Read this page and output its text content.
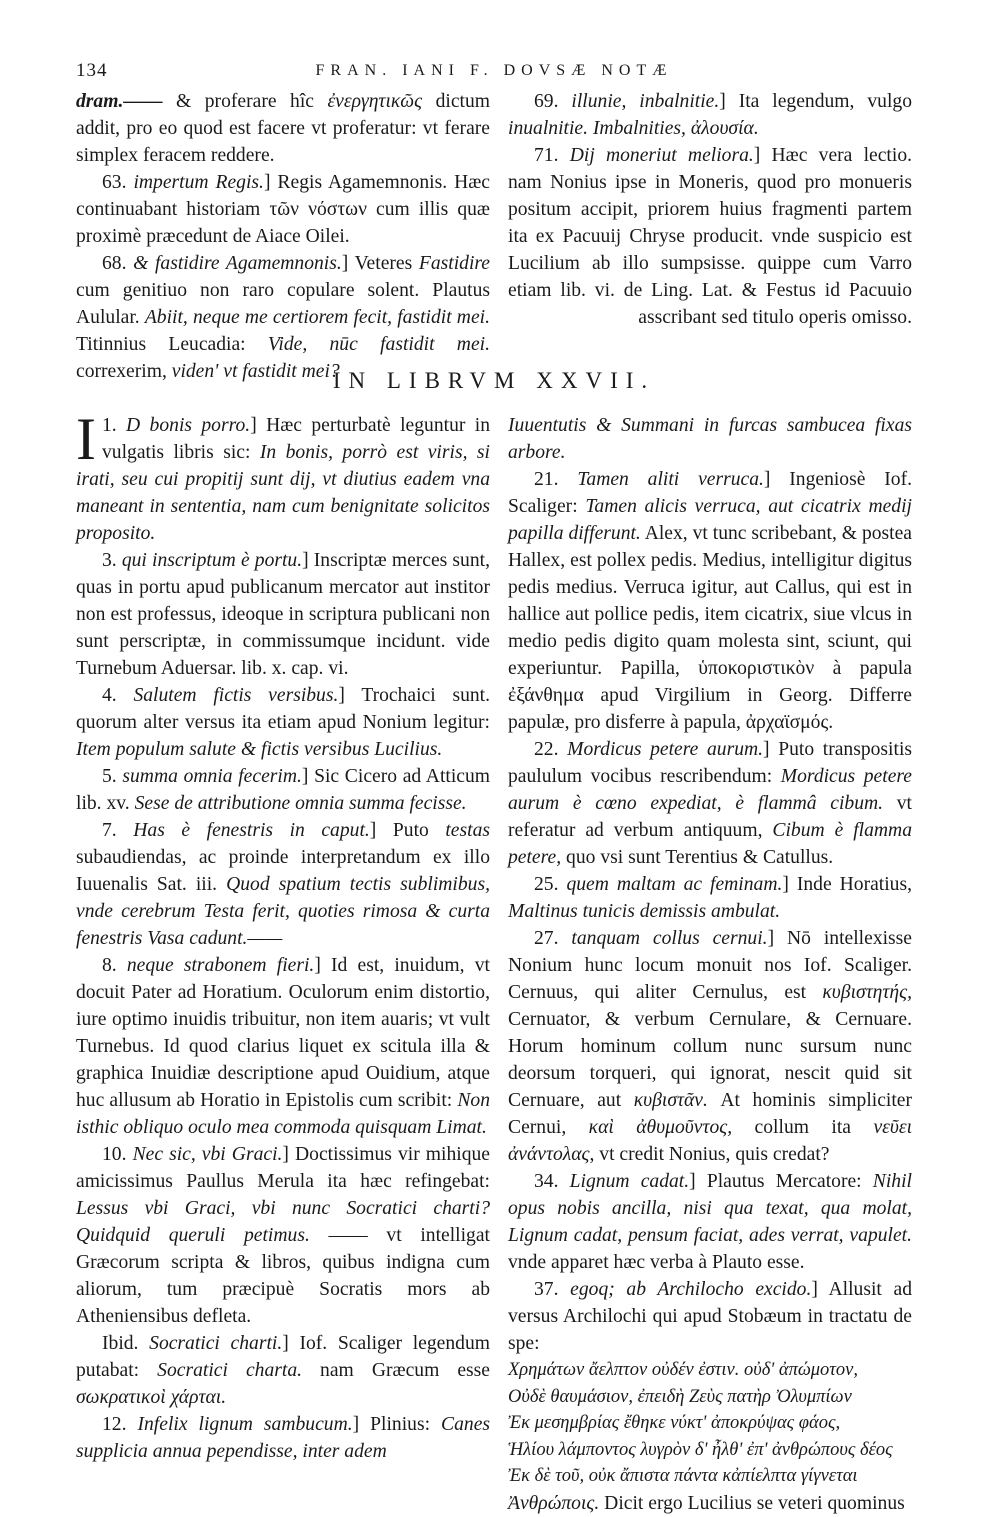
134	FRAN. IANI F. DOVSÆ NOTÆ

dram.—— & proferare hîc ἐνεργητικῶς dictum addit, pro eo quod est facere vt proferatur: vt ferare simplex feracem reddere.

63. impertum Regis.] Regis Agamemnonis. Hæc continuabant historiam τῶν νόστων cum illis quæ proximè præcedunt de Aiace Oilei.

68. & fastidire Agamemnonis.] Veteres Fastidire cum genitiuo non raro copulare solent. Plautus Aulular. Abiit, neque me certiorem fecit, fastidit mei. Titinnius Leucadia: Vide, nūc fastidit mei. correxerim, viden' vt fastidit mei?

69. illunie, inbalnitie.] Ita legendum, vulgo inualnitie. Imbalnities, ἀλουσία.

71. Dij moneriut meliora.] Hæc vera lectio. nam Nonius ipse in Moneris, quod pro monueris positum accipit, priorem huius fragmenti partem ita ex Pacuuij Chryse producit. vnde suspicio est Lucilium ab illo sumpsisse. quippe cum Varro etiam lib. vi. de Ling. Lat. & Festus id Pacuuio asscribant sed titulo operis omisso.

IN LIBRVM XXVII.

I 1. D bonis porro.] Hæc perturbatè leguntur in vulgatis libris sic: In bonis, porrò est viris, si irati, seu cui propitij sunt dij, vt diutius eadem vna maneant in sententia, nam cum benignitate solicitos proposito.

3. qui inscriptum è portu.] Inscriptæ merces sunt, quas in portu apud publicanum mercator aut institor non est professus, ideoque in scriptura publicani non sunt perscriptæ, in commissumque incidunt. vide Turnebum Aduersar. lib. x. cap. vi.

4. Salutem fictis versibus.] Trochaici sunt. quorum alter versus ita etiam apud Nonium legitur: Item populum salute & fictis versibus Lucilius.

5. summa omnia fecerim.] Sic Cicero ad Atticum lib. xv. Sese de attributione omnia summa fecisse.

7. Has è fenestris in caput.] Puto testas subaudiendas, ac proinde interpretandum ex illo Iuuenalis Sat. iii. Quod spatium tectis sublimibus, vnde cerebrum Testa ferit, quoties rimosa & curta fenestris Vasa cadunt.——

8. neque strabonem fieri.] Id est, inuidum, vt docuit Pater ad Horatium. Oculorum enim distortio, iure optimo inuidis tribuitur, non item auaris; vt vult Turnebus. Id quod clarius liquet ex scitula illa & graphica Inuidiæ descriptione apud Ouidium, atque huc allusum ab Horatio in Epistolis cum scribit: Non isthic obliquo oculo mea commoda quisquam Limat.

10. Nec sic, vbi Graci.] Doctissimus vir mihique amicissimus Paullus Merula ita hæc refingebat: Lessus vbi Graci, vbi nunc Socratici charti? Quidquid queruli petimus. —— vt intelligat Græcorum scripta & libros, quibus indigna cum aliorum, tum præcipuè Socratis mors ab Atheniensibus defleta.

Ibid. Socratici charti.] Iof. Scaliger legendum putabat: Socratici charta. nam Græcum esse σωκρατικοὶ χάρται.

12. Infelix lignum sambucum.] Plinius: Canes supplicia annua pependisse, inter adem

Iuuentutis & Summani in furcas sambucea fixas arbore.

21. Tamen aliti verruca.] Ingeniosè Iof. Scaliger: Tamen alicis verruca, aut cicatrix medij papilla differunt. Alex, vt tunc scribebant, & postea Hallex, est pollex pedis. Medius, intelligitur digitus pedis medius. Verruca igitur, aut Callus, qui est in hallice aut pollice pedis, item cicatrix, siue vlcus in medio pedis digito quam molesta sint, sciunt, qui experiuntur. Papilla, ὑποκοριστικὸν à papula ἐξάνθημα apud Virgilium in Georg. Differre papulæ, pro disferre à papula, ἀρχαϊσμός.

22. Mordicus petere aurum.] Puto transpositis paululum vocibus rescribendum: Mordicus petere aurum è cœno expediat, è flammâ cibum. vt referatur ad verbum antiquum, Cibum è flamma petere, quo vsi sunt Terentius & Catullus.

25. quem maltam ac feminam.] Inde Horatius, Maltinus tunicis demissis ambulat.

27. tanquam collus cernui.] Nō intellexisse Nonium hunc locum monuit nos Iof. Scaliger. Cernuus, qui aliter Cernulus, est κυβιστητής, Cernuator, & verbum Cernulare, & Cernuare. Horum hominum collum nunc sursum nunc deorsum torqueri, qui ignorat, nescit quid sit Cernuare, aut κυβιστᾶν. At hominis simpliciter Cernui, καὶ ἀθυμοῦντος, collum ita νεῦει ἀνάντολας, vt credit Nonius, quis credat?

34. Lignum cadat.] Plautus Mercatore: Nihil opus nobis ancilla, nisi qua texat, qua molat, Lignum cadat, pensum faciat, ades verrat, vapulet. vnde apparet hæc verba à Plauto esse.

37. egoq; ab Archilocho excido.] Allusit ad versus Archilochi qui apud Stobæum in tractatu de spe:

Χρημάτων ἄελπτον οὐδέν ἐστιν. οὐδ' ἀπώμοτον,

Οὐδὲ θαυμάσιον, ἐπειδὴ Ζεὺς πατὴρ Ὀλυμπίων

Ἐκ μεσημβρίας ἔθηκε νύκτ' ἀποκρύψας φάος,

Ἡλίου λάμποντος λυγρὸν δ' ἦλθ' ἐπ' ἀνθρώπους δέος

Ἐκ δὲ τοῦ, οὐκ ἄπιστα πάντα κἀπίελπτα γίγνεται

Ἀνθρώποις. Dicit ergo Lucilius se veteri quominus
